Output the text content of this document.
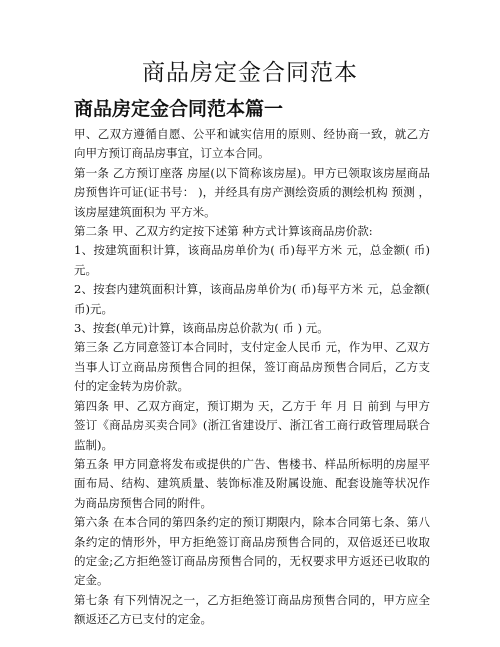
商品房定金合同范本
商品房定金合同范本篇一

甲、乙双方遵循自愿、公平和诚实信用的原则、经协商一致，就乙方向甲方预订商品房事宜，订立本合同。

第一条 乙方预订座落 房屋(以下简称该房屋)。甲方已领取该房屋商品房预售许可证(证书号： )，并经具有房产测绘资质的测绘机构 预测 ，该房屋建筑面积为 平方米。

第二条 甲、乙双方约定按下述第 种方式计算该商品房价款:

1、按建筑面积计算，该商品房单价为( 币)每平方米 元，总金额( 币) 元。

2、按套内建筑面积计算，该商品房单价为( 币)每平方米 元，总金额( 币)元。

3、按套(单元)计算，该商品房总价款为( 币 ) 元。

第三条 乙方同意签订本合同时，支付定金人民币 元，作为甲、乙双方当事人订立商品房预售合同的担保，签订商品房预售合同后，乙方支付的定金转为房价款。

第四条 甲、乙双方商定，预订期为 天，乙方于 年 月 日 前到 与甲方签订《商品房买卖合同》(浙江省建设厅、浙江省工商行政管理局联合监制)。

第五条 甲方同意将发布或提供的广告、售楼书、样品所标明的房屋平面布局、结构、建筑质量、装饰标准及附属设施、配套设施等状况作为商品房预售合同的附件。

第六条 在本合同的第四条约定的预订期限内，除本合同第七条、第八条约定的情形外，甲方拒绝签订商品房预售合同的，双倍返还已收取的定金;乙方拒绝签订商品房预售合同的，无权要求甲方返还已收取的定金。

第七条 有下列情况之一，乙方拒绝签订商品房预售合同的，甲方应全额返还乙方已支付的定金。
